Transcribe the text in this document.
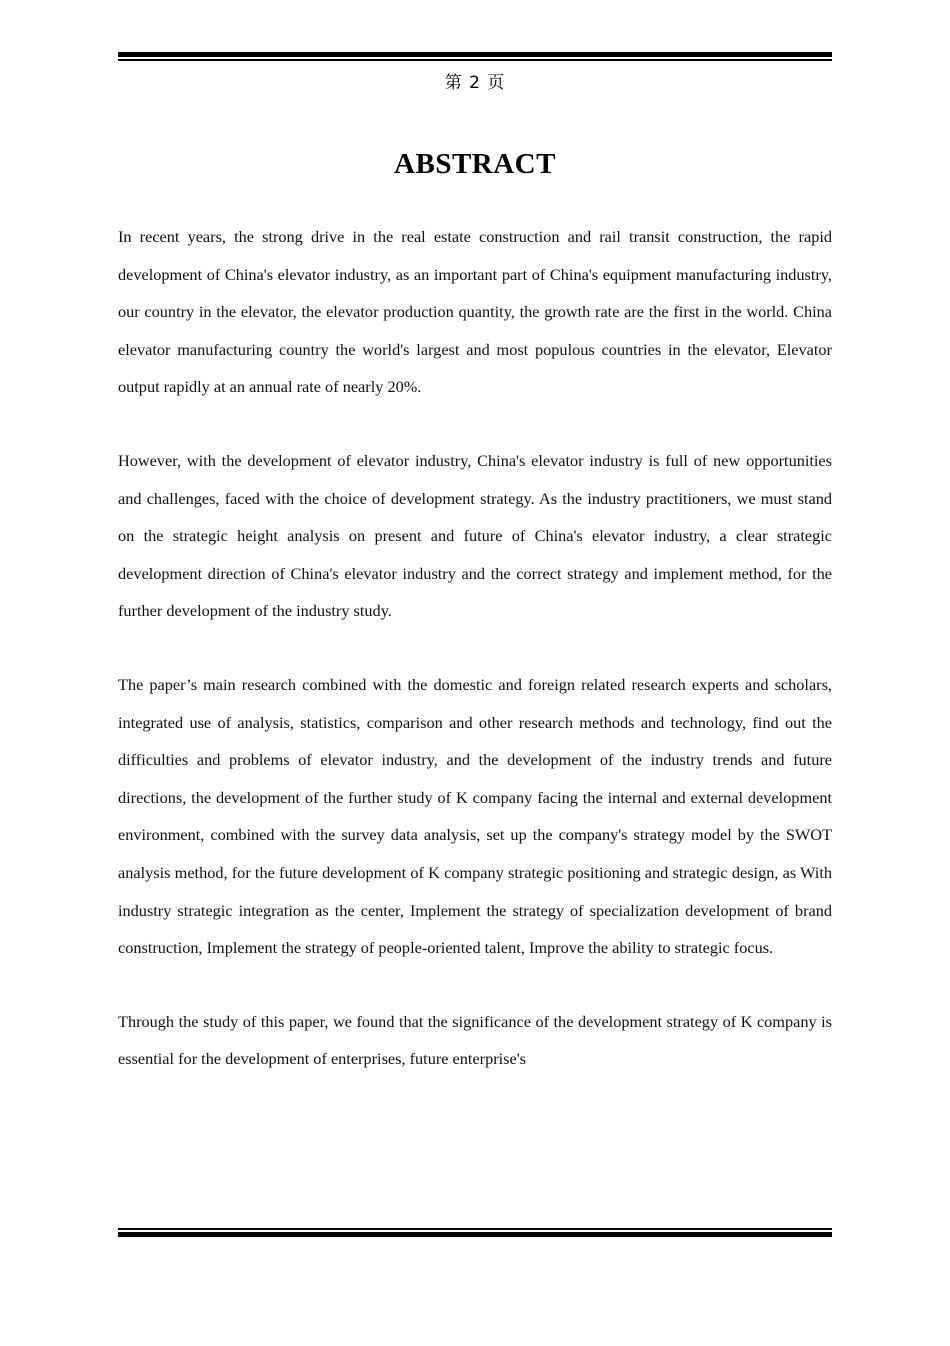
第 2 页
ABSTRACT

In recent years, the strong drive in the real estate construction and rail transit construction, the rapid development of China's elevator industry, as an important part of China's equipment manufacturing industry, our country in the elevator, the elevator production quantity, the growth rate are the first in the world. China elevator manufacturing country the world's largest and most populous countries in the elevator, Elevator output rapidly at an annual rate of nearly 20%.

However, with the development of elevator industry, China's elevator industry is full of new opportunities and challenges, faced with the choice of development strategy. As the industry practitioners, we must stand on the strategic height analysis on present and future of China's elevator industry, a clear strategic development direction of China's elevator industry and the correct strategy and implement method, for the further development of the industry study.

The paper’s main research combined with the domestic and foreign related research experts and scholars, integrated use of analysis, statistics, comparison and other research methods and technology, find out the difficulties and problems of elevator industry, and the development of the industry trends and future directions, the development of the further study of K company facing the internal and external development environment, combined with the survey data analysis, set up the company's strategy model by the SWOT analysis method, for the future development of K company strategic positioning and strategic design, as With industry strategic integration as the center, Implement the strategy of specialization development of brand construction, Implement the strategy of people-oriented talent, Improve the ability to strategic focus.

Through the study of this paper, we found that the significance of the development strategy of K company is essential for the development of enterprises, future enterprise's
